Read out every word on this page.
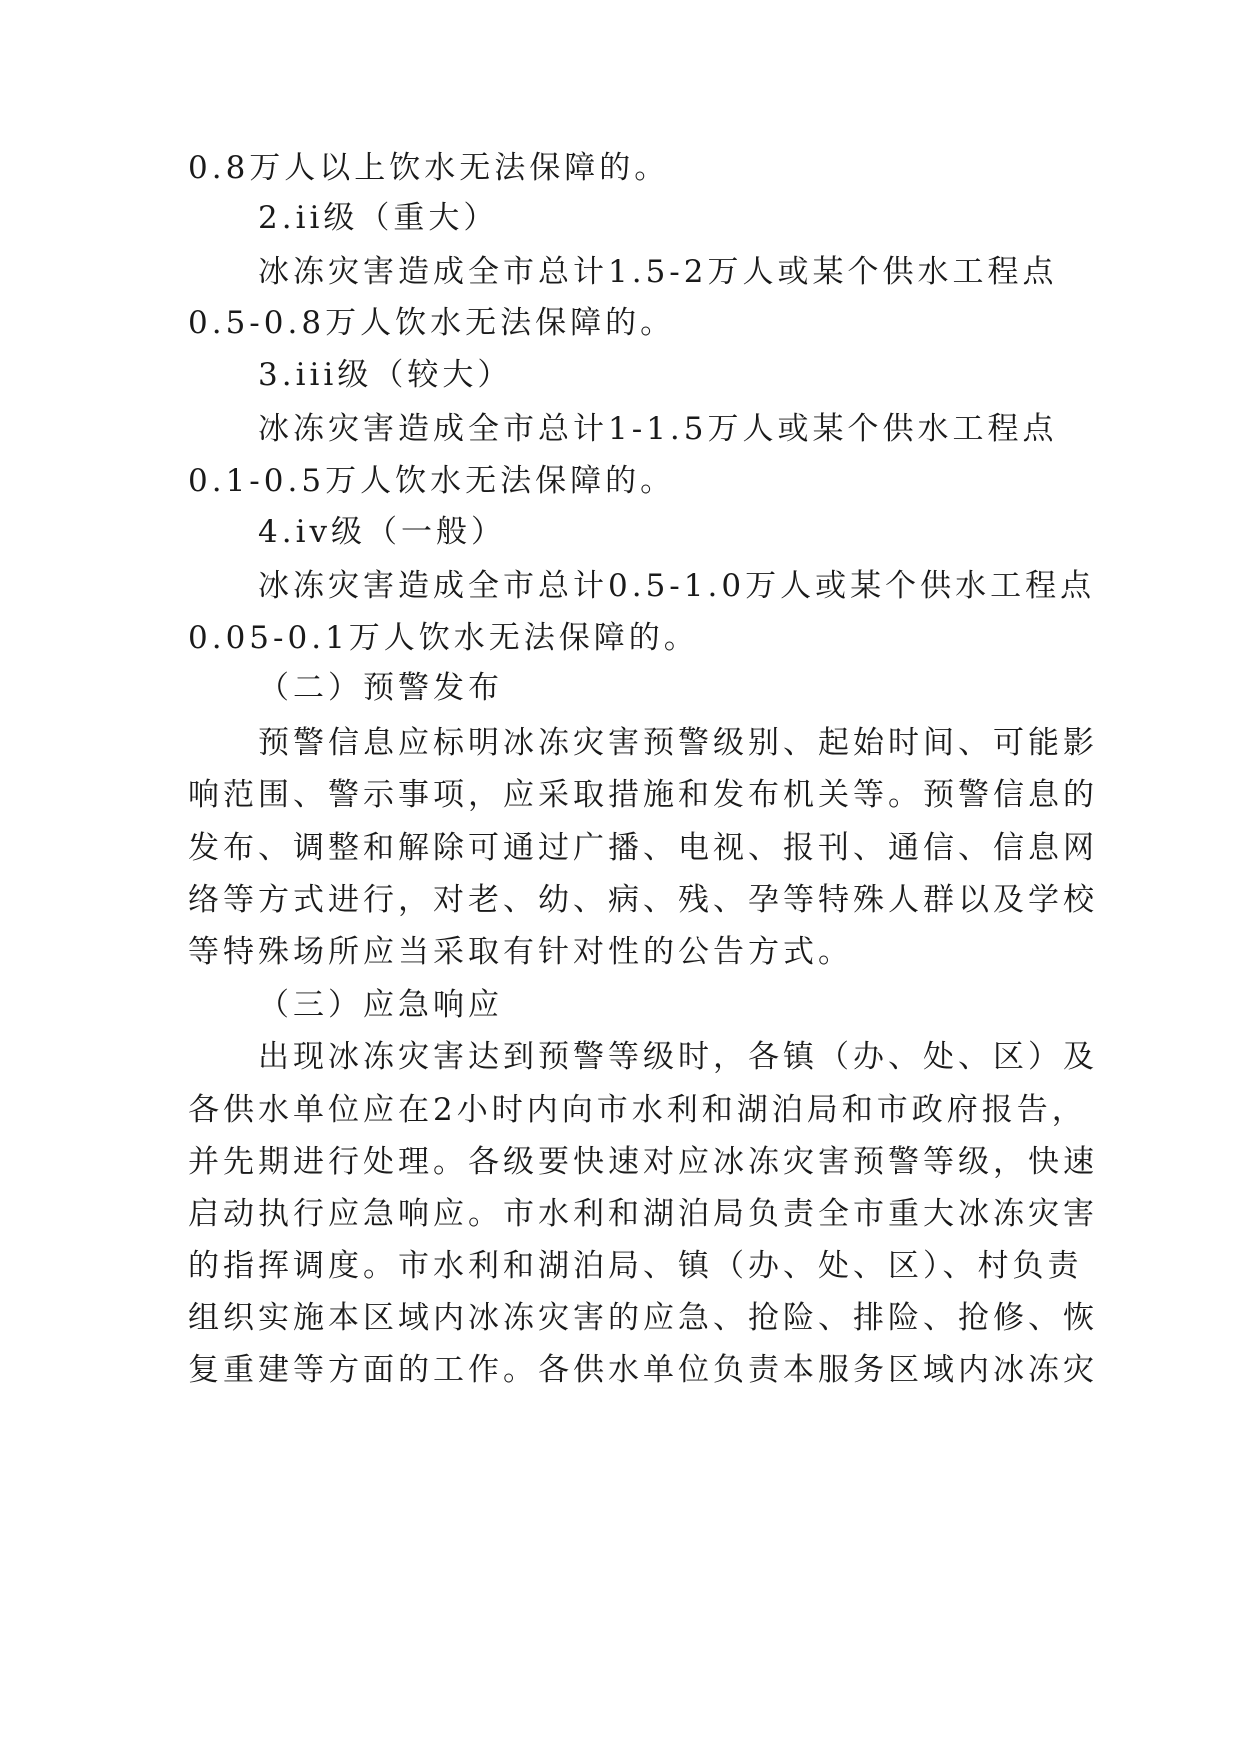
0.8万人以上饮水无法保障的。
2.ii级（重大）
冰冻灾害造成全市总计1.5-2万人或某个供水工程点
0.5-0.8万人饮水无法保障的。
3.iii级（较大）
冰冻灾害造成全市总计1-1.5万人或某个供水工程点
0.1-0.5万人饮水无法保障的。
4.iv级（一般）
冰冻灾害造成全市总计0.5-1.0万人或某个供水工程点
0.05-0.1万人饮水无法保障的。
（二）预警发布
预警信息应标明冰冻灾害预警级别、起始时间、可能影
响范围、警示事项，应采取措施和发布机关等。预警信息的
发布、调整和解除可通过广播、电视、报刊、通信、信息网
络等方式进行，对老、幼、病、残、孕等特殊人群以及学校
等特殊场所应当采取有针对性的公告方式。
（三）应急响应
出现冰冻灾害达到预警等级时，各镇（办、处、区）及
各供水单位应在2小时内向市水利和湖泊局和市政府报告，
并先期进行处理。各级要快速对应冰冻灾害预警等级，快速
启动执行应急响应。市水利和湖泊局负责全市重大冰冻灾害
的指挥调度。市水利和湖泊局、镇（办、处、区）、村负责
组织实施本区域内冰冻灾害的应急、抢险、排险、抢修、恢
复重建等方面的工作。各供水单位负责本服务区域内冰冻灾
